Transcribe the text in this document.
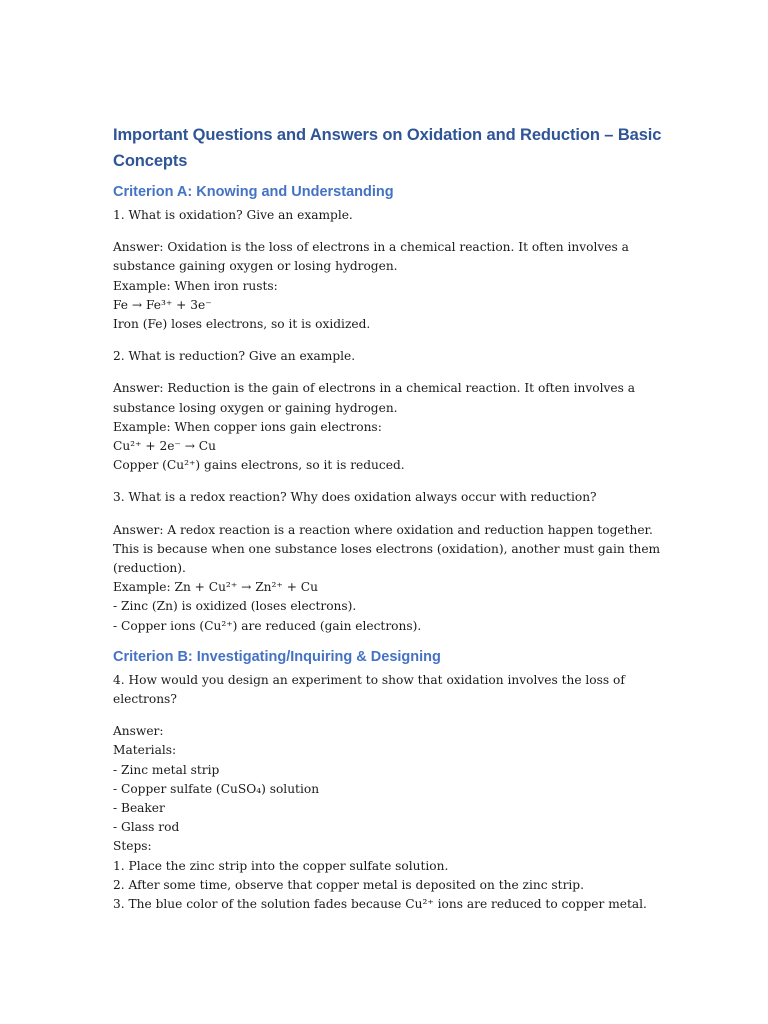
Important Questions and Answers on Oxidation and Reduction – Basic Concepts
Criterion A: Knowing and Understanding

1. What is oxidation? Give an example.

Answer: Oxidation is the loss of electrons in a chemical reaction. It often involves a substance gaining oxygen or losing hydrogen.
Example: When iron rusts:
Fe → Fe³⁺ + 3e⁻
Iron (Fe) loses electrons, so it is oxidized.

2. What is reduction? Give an example.

Answer: Reduction is the gain of electrons in a chemical reaction. It often involves a substance losing oxygen or gaining hydrogen.
Example: When copper ions gain electrons:
Cu²⁺ + 2e⁻ → Cu
Copper (Cu²⁺) gains electrons, so it is reduced.

3. What is a redox reaction? Why does oxidation always occur with reduction?

Answer: A redox reaction is a reaction where oxidation and reduction happen together. This is because when one substance loses electrons (oxidation), another must gain them (reduction).
Example: Zn + Cu²⁺ → Zn²⁺ + Cu
- Zinc (Zn) is oxidized (loses electrons).
- Copper ions (Cu²⁺) are reduced (gain electrons).
Criterion B: Investigating/Inquiring & Designing

4. How would you design an experiment to show that oxidation involves the loss of electrons?

Answer:
Materials:
- Zinc metal strip
- Copper sulfate (CuSO₄) solution
- Beaker
- Glass rod
Steps:
1. Place the zinc strip into the copper sulfate solution.
2. After some time, observe that copper metal is deposited on the zinc strip.
3. The blue color of the solution fades because Cu²⁺ ions are reduced to copper metal.
